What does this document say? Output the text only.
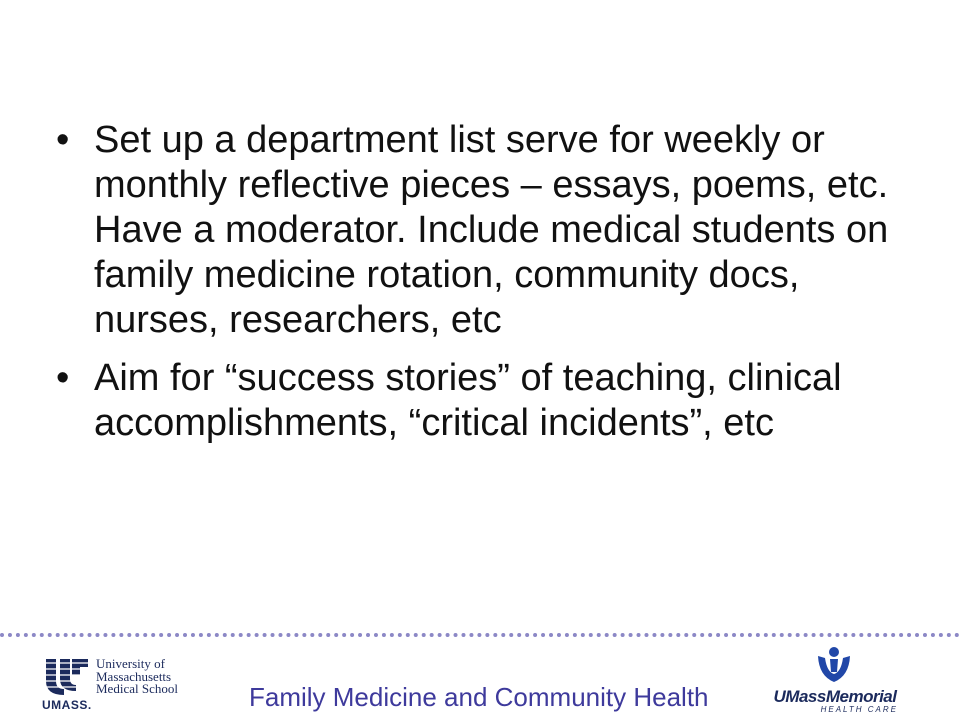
• Set up a department list serve for weekly or monthly reflective pieces – essays, poems, etc. Have a moderator. Include medical students on family medicine rotation, community docs, nurses, researchers, etc
• Aim for “success stories” of teaching, clinical accomplishments, “critical incidents”, etc
University of
Massachusetts
Medical School
UMASS.	Family Medicine and Community Health	UMassMemorial
HEALTH CARE
